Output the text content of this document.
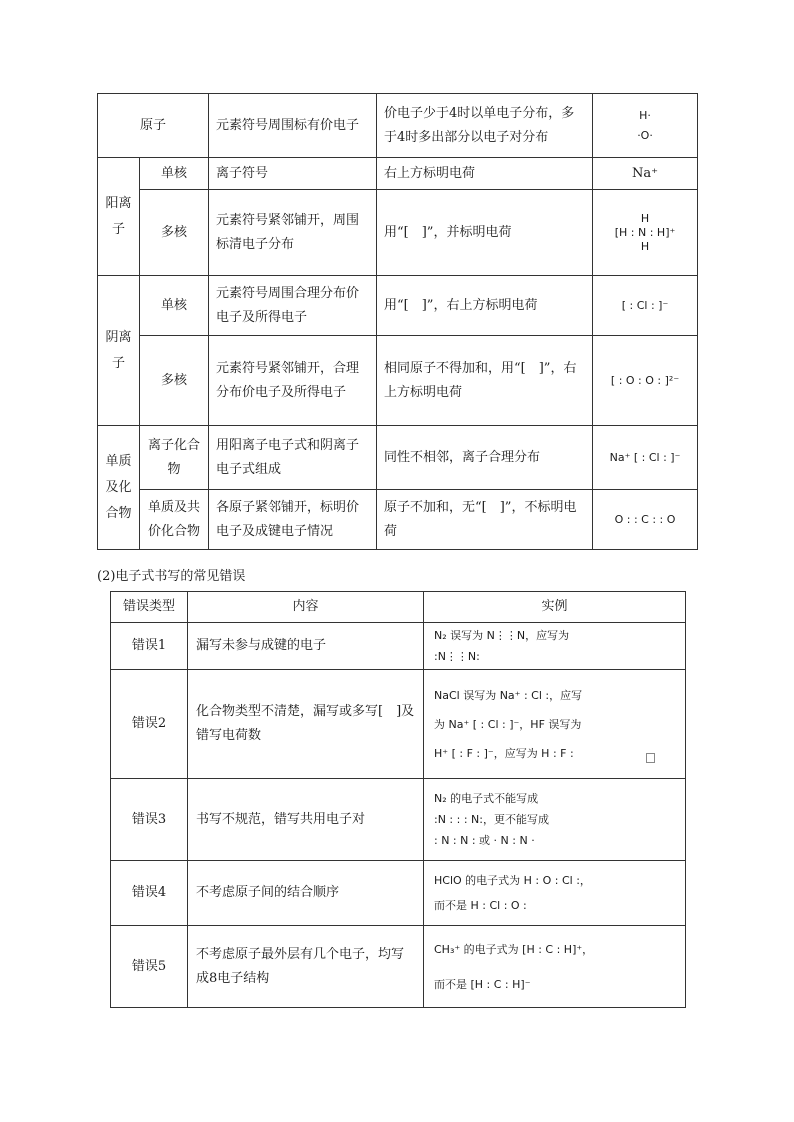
原子		元素符号周围标有价电子	价电子少于4时以单电子分布，多于4时多出部分以电子对分布	H·
·O·

阳离子	单核	离子符号	右上方标明电荷	Na⁺
	多核	元素符号紧邻铺开，周围标清电子分布	用“[　]”，并标明电荷	H
[H : N : H]⁺
H

阴离子	单核	元素符号周围合理分布价电子及所得电子	用“[　]”，右上方标明电荷	[ : Cl : ]⁻
	多核	元素符号紧邻铺开，合理分布价电子及所得电子	相同原子不得加和，用“[　]”，右上方标明电荷	[ : O : O : ]²⁻
单质及化合物	离子化合物	用阳离子电子式和阴离子电子式组成	同性不相邻，离子合理分布	Na⁺ [ : Cl : ]⁻
	单质及共价化合物	各原子紧邻铺开，标明价电子及成键电子情况	原子不加和，无“[　]”，不标明电荷	O : : C : : O
(2)电子式书写的常见错误
错误类型	内容	实例
错误1	漏写未参与成键的电子	N₂ 误写为 N⋮⋮N，应写为
:N⋮⋮N:

错误2	化合物类型不清楚，漏写或多写[　]及错写电荷数	NaCl 误写为 Na⁺ : Cl :，应写
为 Na⁺ [ : Cl : ]⁻，HF 误写为
H⁺ [ : F : ]⁻，应写为 H : F :

错误3	书写不规范，错写共用电子对	N₂ 的电子式不能写成
:N : : : N:，更不能写成
: N : N : 或 · N : N ·

错误4	不考虑原子间的结合顺序	HClO 的电子式为 H : O : Cl :，
而不是 H : Cl : O :

错误5	不考虑原子最外层有几个电子，均写成8电子结构	CH₃⁺ 的电子式为 [H : C : H]⁺，
而不是 [H : C : H]⁻
